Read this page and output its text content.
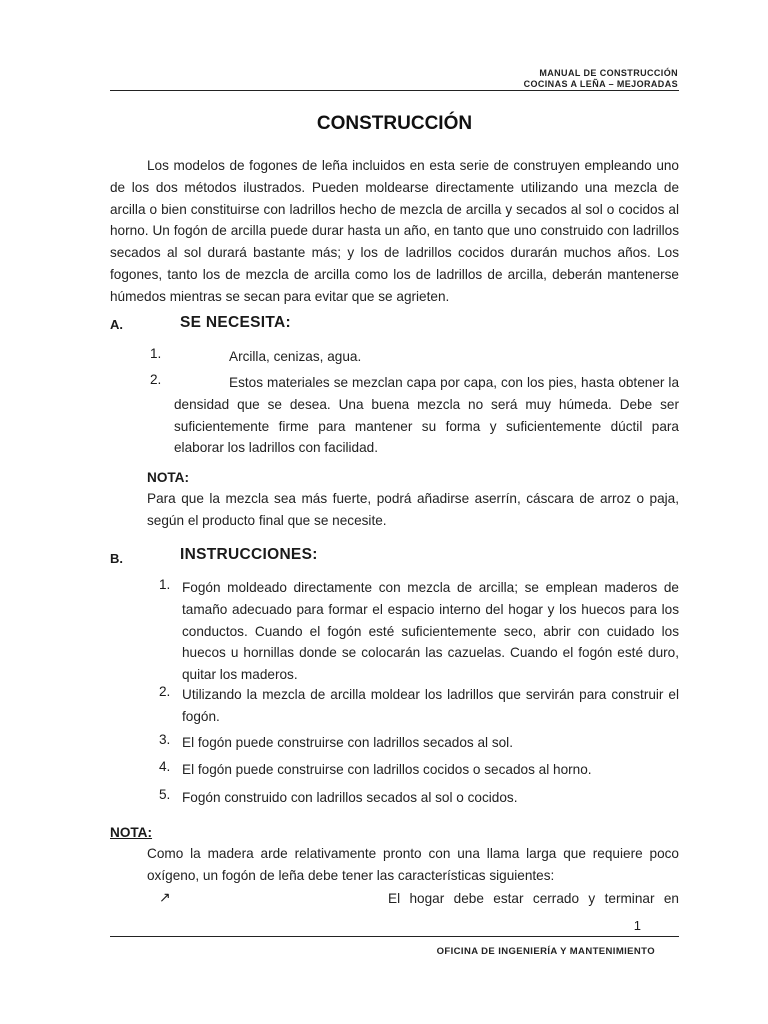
MANUAL DE CONSTRUCCIÓN
COCINAS A LEÑA – MEJORADAS
CONSTRUCCIÓN
Los modelos de fogones de leña incluidos en esta serie de construyen empleando uno de los dos métodos ilustrados. Pueden moldearse directamente utilizando una mezcla de arcilla o bien constituirse con ladrillos hecho de mezcla de arcilla y secados al sol o cocidos al horno. Un fogón de arcilla puede durar hasta un año, en tanto que uno construido con ladrillos secados al sol durará bastante más; y los de ladrillos cocidos durarán muchos años. Los fogones, tanto los de mezcla de arcilla como los de ladrillos de arcilla, deberán mantenerse húmedos mientras se secan para evitar que se agrieten.
A.	SE NECESITA:
1.	Arcilla, cenizas, agua.
2.	Estos materiales se mezclan capa por capa, con los pies, hasta obtener la densidad que se desea. Una buena mezcla no será muy húmeda. Debe ser suficientemente firme para mantener su forma y suficientemente dúctil para elaborar los ladrillos con facilidad.
NOTA:
Para que la mezcla sea más fuerte, podrá añadirse aserrín, cáscara de arroz o paja, según el producto final que se necesite.
B.	INSTRUCCIONES:
1. Fogón moldeado directamente con mezcla de arcilla; se emplean maderos de tamaño adecuado para formar el espacio interno del hogar y los huecos para los conductos. Cuando el fogón esté suficientemente seco, abrir con cuidado los huecos u hornillas donde se colocarán las cazuelas. Cuando el fogón esté duro, quitar los maderos.
2. Utilizando la mezcla de arcilla moldear los ladrillos que servirán para construir el fogón.
3. El fogón puede construirse con ladrillos secados al sol.
4. El fogón puede construirse con ladrillos cocidos o secados al horno.
5. Fogón construido con ladrillos secados al sol o cocidos.
NOTA:
Como la madera arde relativamente pronto con una llama larga que requiere poco oxígeno, un fogón de leña debe tener las características siguientes:
↗	El hogar debe estar cerrado y terminar en
1
OFICINA DE INGENIERÍA Y MANTENIMIENTO
